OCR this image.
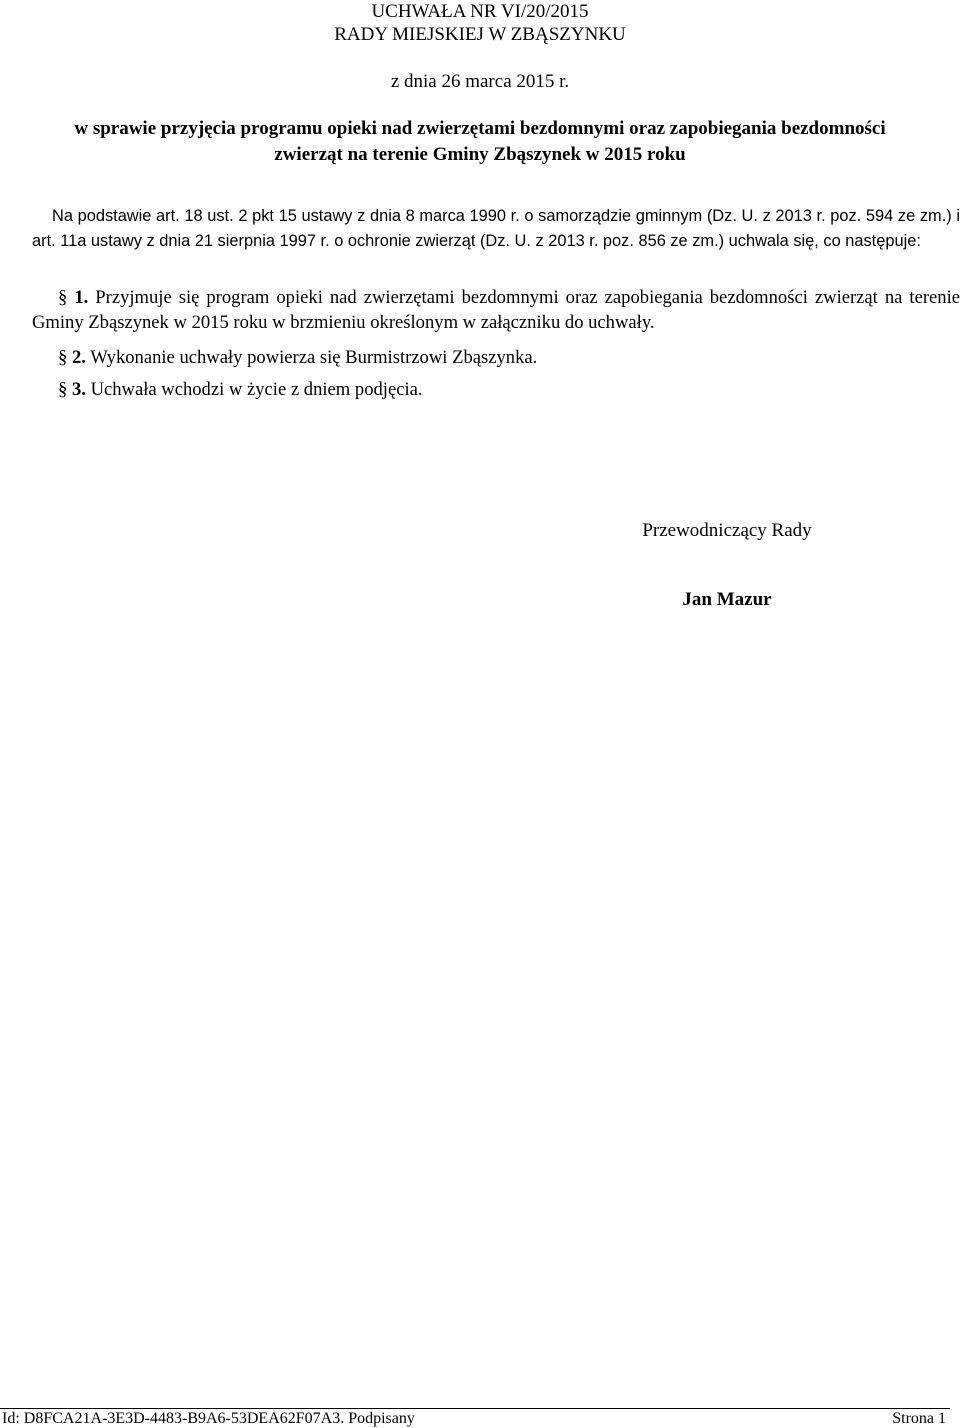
UCHWAŁA NR VI/20/2015
RADY MIEJSKIEJ W ZBĄSZYNKU
z dnia 26 marca 2015 r.
w sprawie przyjęcia programu opieki nad zwierzętami bezdomnymi oraz zapobiegania bezdomności zwierząt na terenie Gminy Zbąszynek w 2015 roku
Na podstawie art. 18 ust. 2 pkt 15 ustawy z dnia 8 marca 1990 r. o samorządzie gminnym (Dz. U. z 2013 r. poz. 594 ze zm.) i art. 11a ustawy z dnia 21 sierpnia 1997 r. o ochronie zwierząt (Dz. U. z 2013 r. poz. 856 ze zm.) uchwala się, co następuje:
§ 1. Przyjmuje się program opieki nad zwierzętami bezdomnymi oraz zapobiegania bezdomności zwierząt na terenie Gminy Zbąszynek w 2015 roku w brzmieniu określonym w załączniku do uchwały.
§ 2. Wykonanie uchwały powierza się Burmistrzowi Zbąszynka.
§ 3. Uchwała wchodzi w życie z dniem podjęcia.
Przewodniczący Rady
Jan Mazur
Id: D8FCA21A-3E3D-4483-B9A6-53DEA62F07A3. Podpisany	Strona 1
